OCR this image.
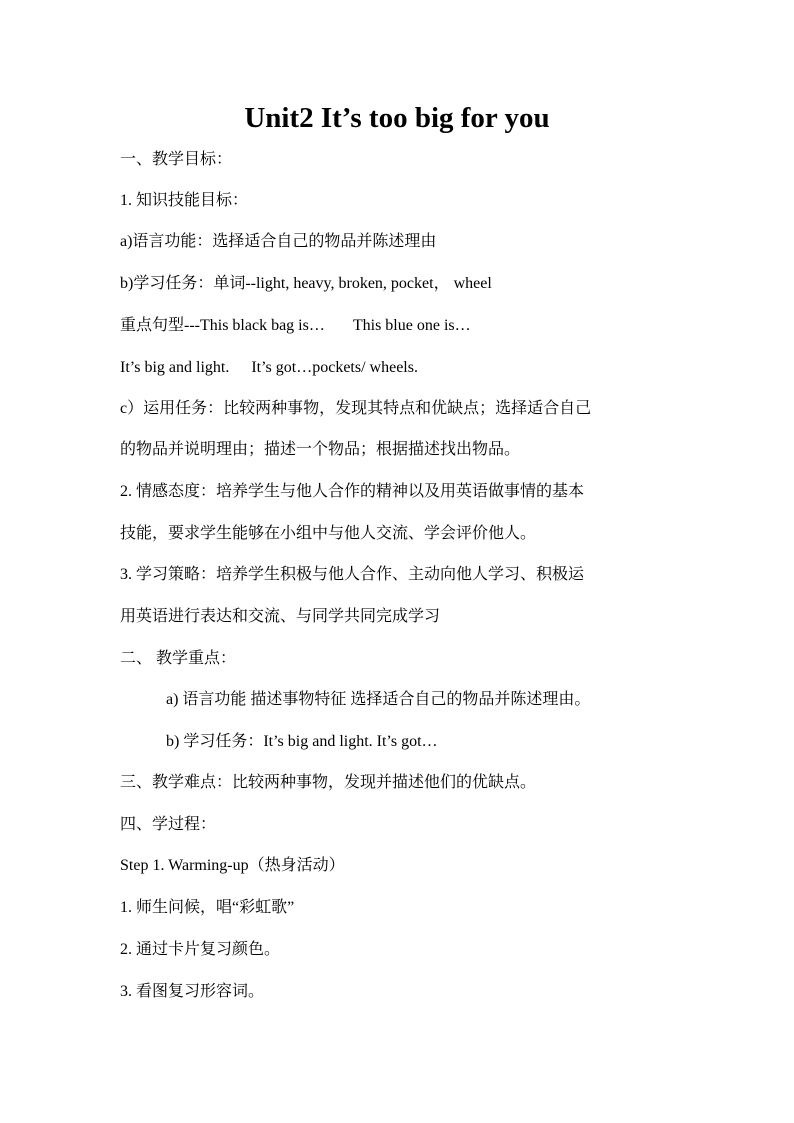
Unit2 It’s too big for you
一、教学目标：
1. 知识技能目标：
a)语言功能：选择适合自己的物品并陈述理由
b)学习任务：单词--light, heavy, broken, pocket， wheel
重点句型---This black bag is… This blue one is…
It’s big and light. It’s got…pockets/ wheels.
c）运用任务：比较两种事物，发现其特点和优缺点；选择适合自己
的物品并说明理由；描述一个物品；根据描述找出物品。
2. 情感态度：培养学生与他人合作的精神以及用英语做事情的基本
技能，要求学生能够在小组中与他人交流、学会评价他人。
3. 学习策略：培养学生积极与他人合作、主动向他人学习、积极运
用英语进行表达和交流、与同学共同完成学习
二、 教学重点：
a) 语言功能 描述事物特征 选择适合自己的物品并陈述理由。
b) 学习任务：It’s big and light. It’s got…
三、教学难点：比较两种事物，发现并描述他们的优缺点。
四、学过程：
Step 1. Warming-up（热身活动）
1. 师生问候，唱“彩虹歌”
2. 通过卡片复习颜色。
3. 看图复习形容词。
